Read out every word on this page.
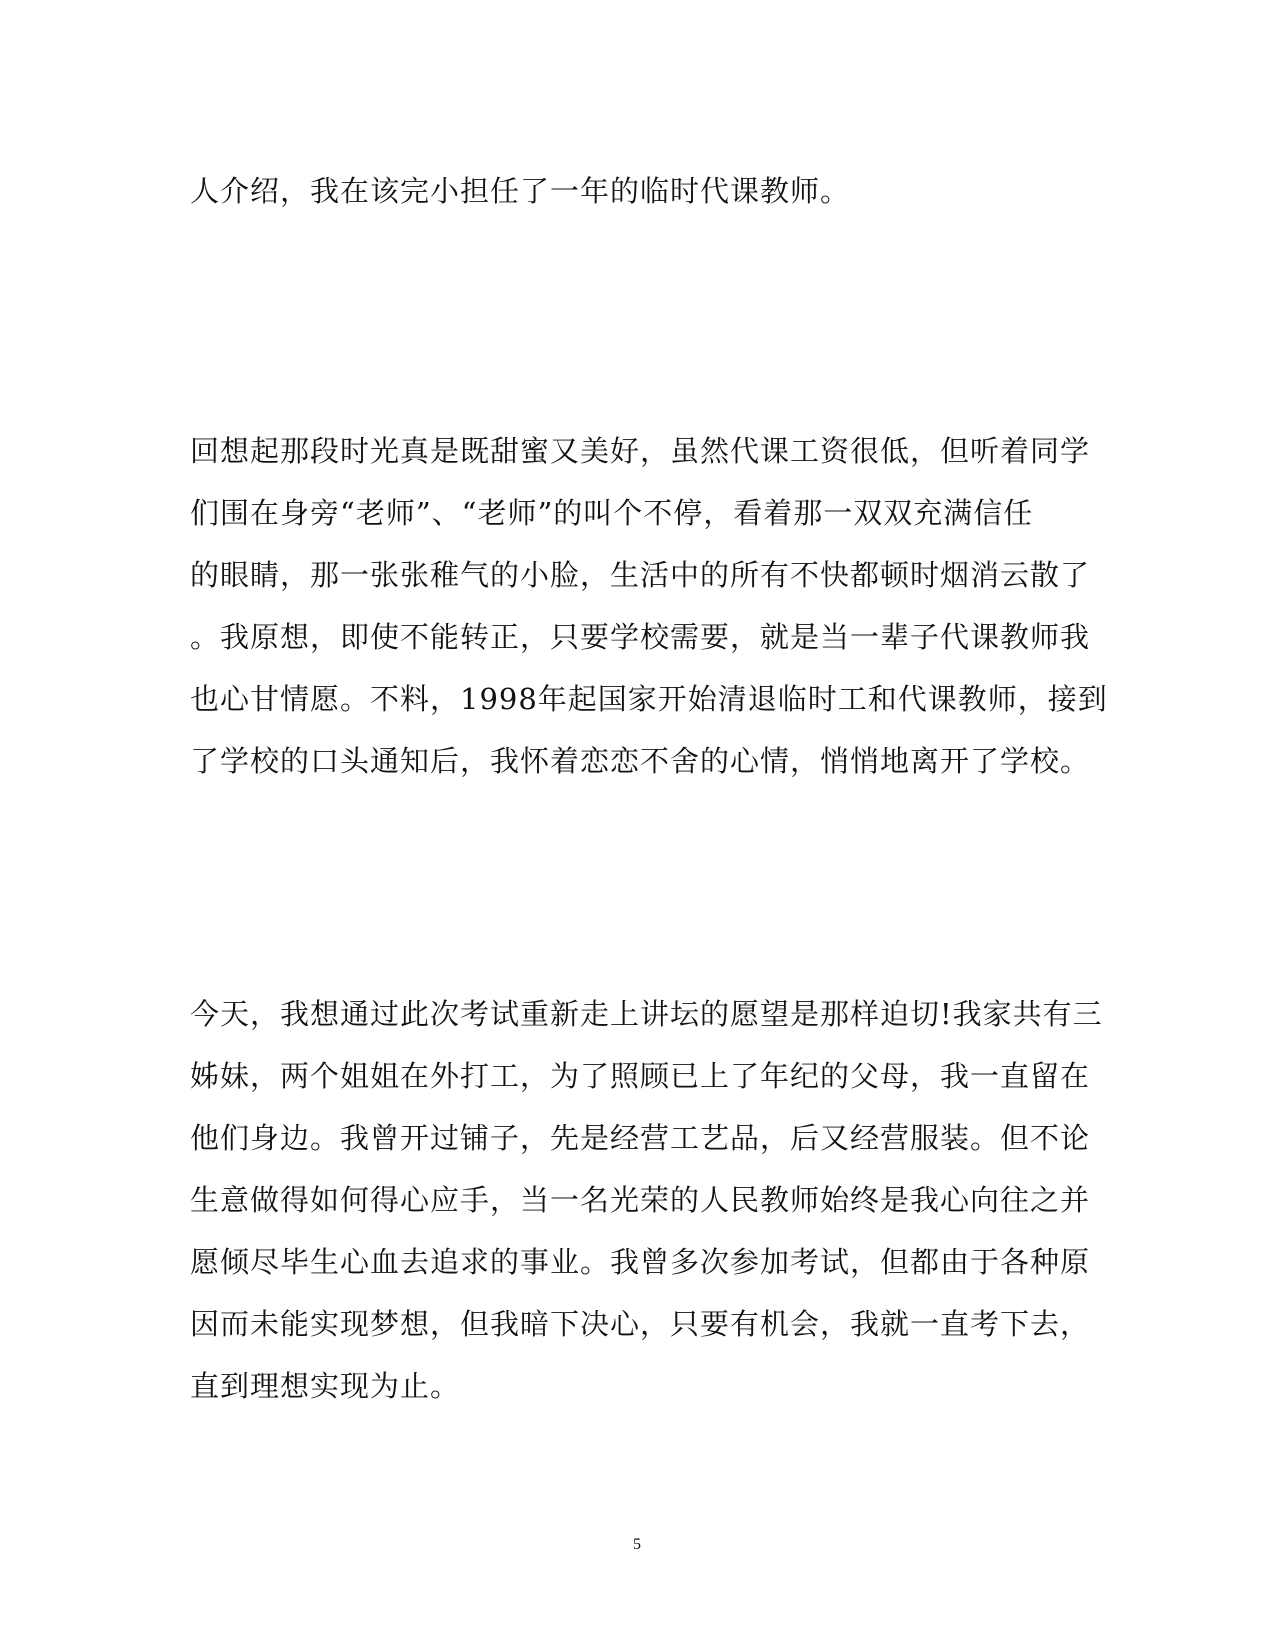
人介绍，我在该完小担任了一年的临时代课教师。
回想起那段时光真是既甜蜜又美好，虽然代课工资很低，但听着同学
们围在身旁“老师”、“老师”的叫个不停，看着那一双双充满信任
的眼睛，那一张张稚气的小脸，生活中的所有不快都顿时烟消云散了
。我原想，即使不能转正，只要学校需要，就是当一辈子代课教师我
也心甘情愿。不料，1998年起国家开始清退临时工和代课教师，接到
了学校的口头通知后，我怀着恋恋不舍的心情，悄悄地离开了学校。
今天，我想通过此次考试重新走上讲坛的愿望是那样迫切!我家共有三
姊妹，两个姐姐在外打工，为了照顾已上了年纪的父母，我一直留在
他们身边。我曾开过铺子，先是经营工艺品，后又经营服装。但不论
生意做得如何得心应手，当一名光荣的人民教师始终是我心向往之并
愿倾尽毕生心血去追求的事业。我曾多次参加考试，但都由于各种原
因而未能实现梦想，但我暗下决心，只要有机会，我就一直考下去，
直到理想实现为止。
5
